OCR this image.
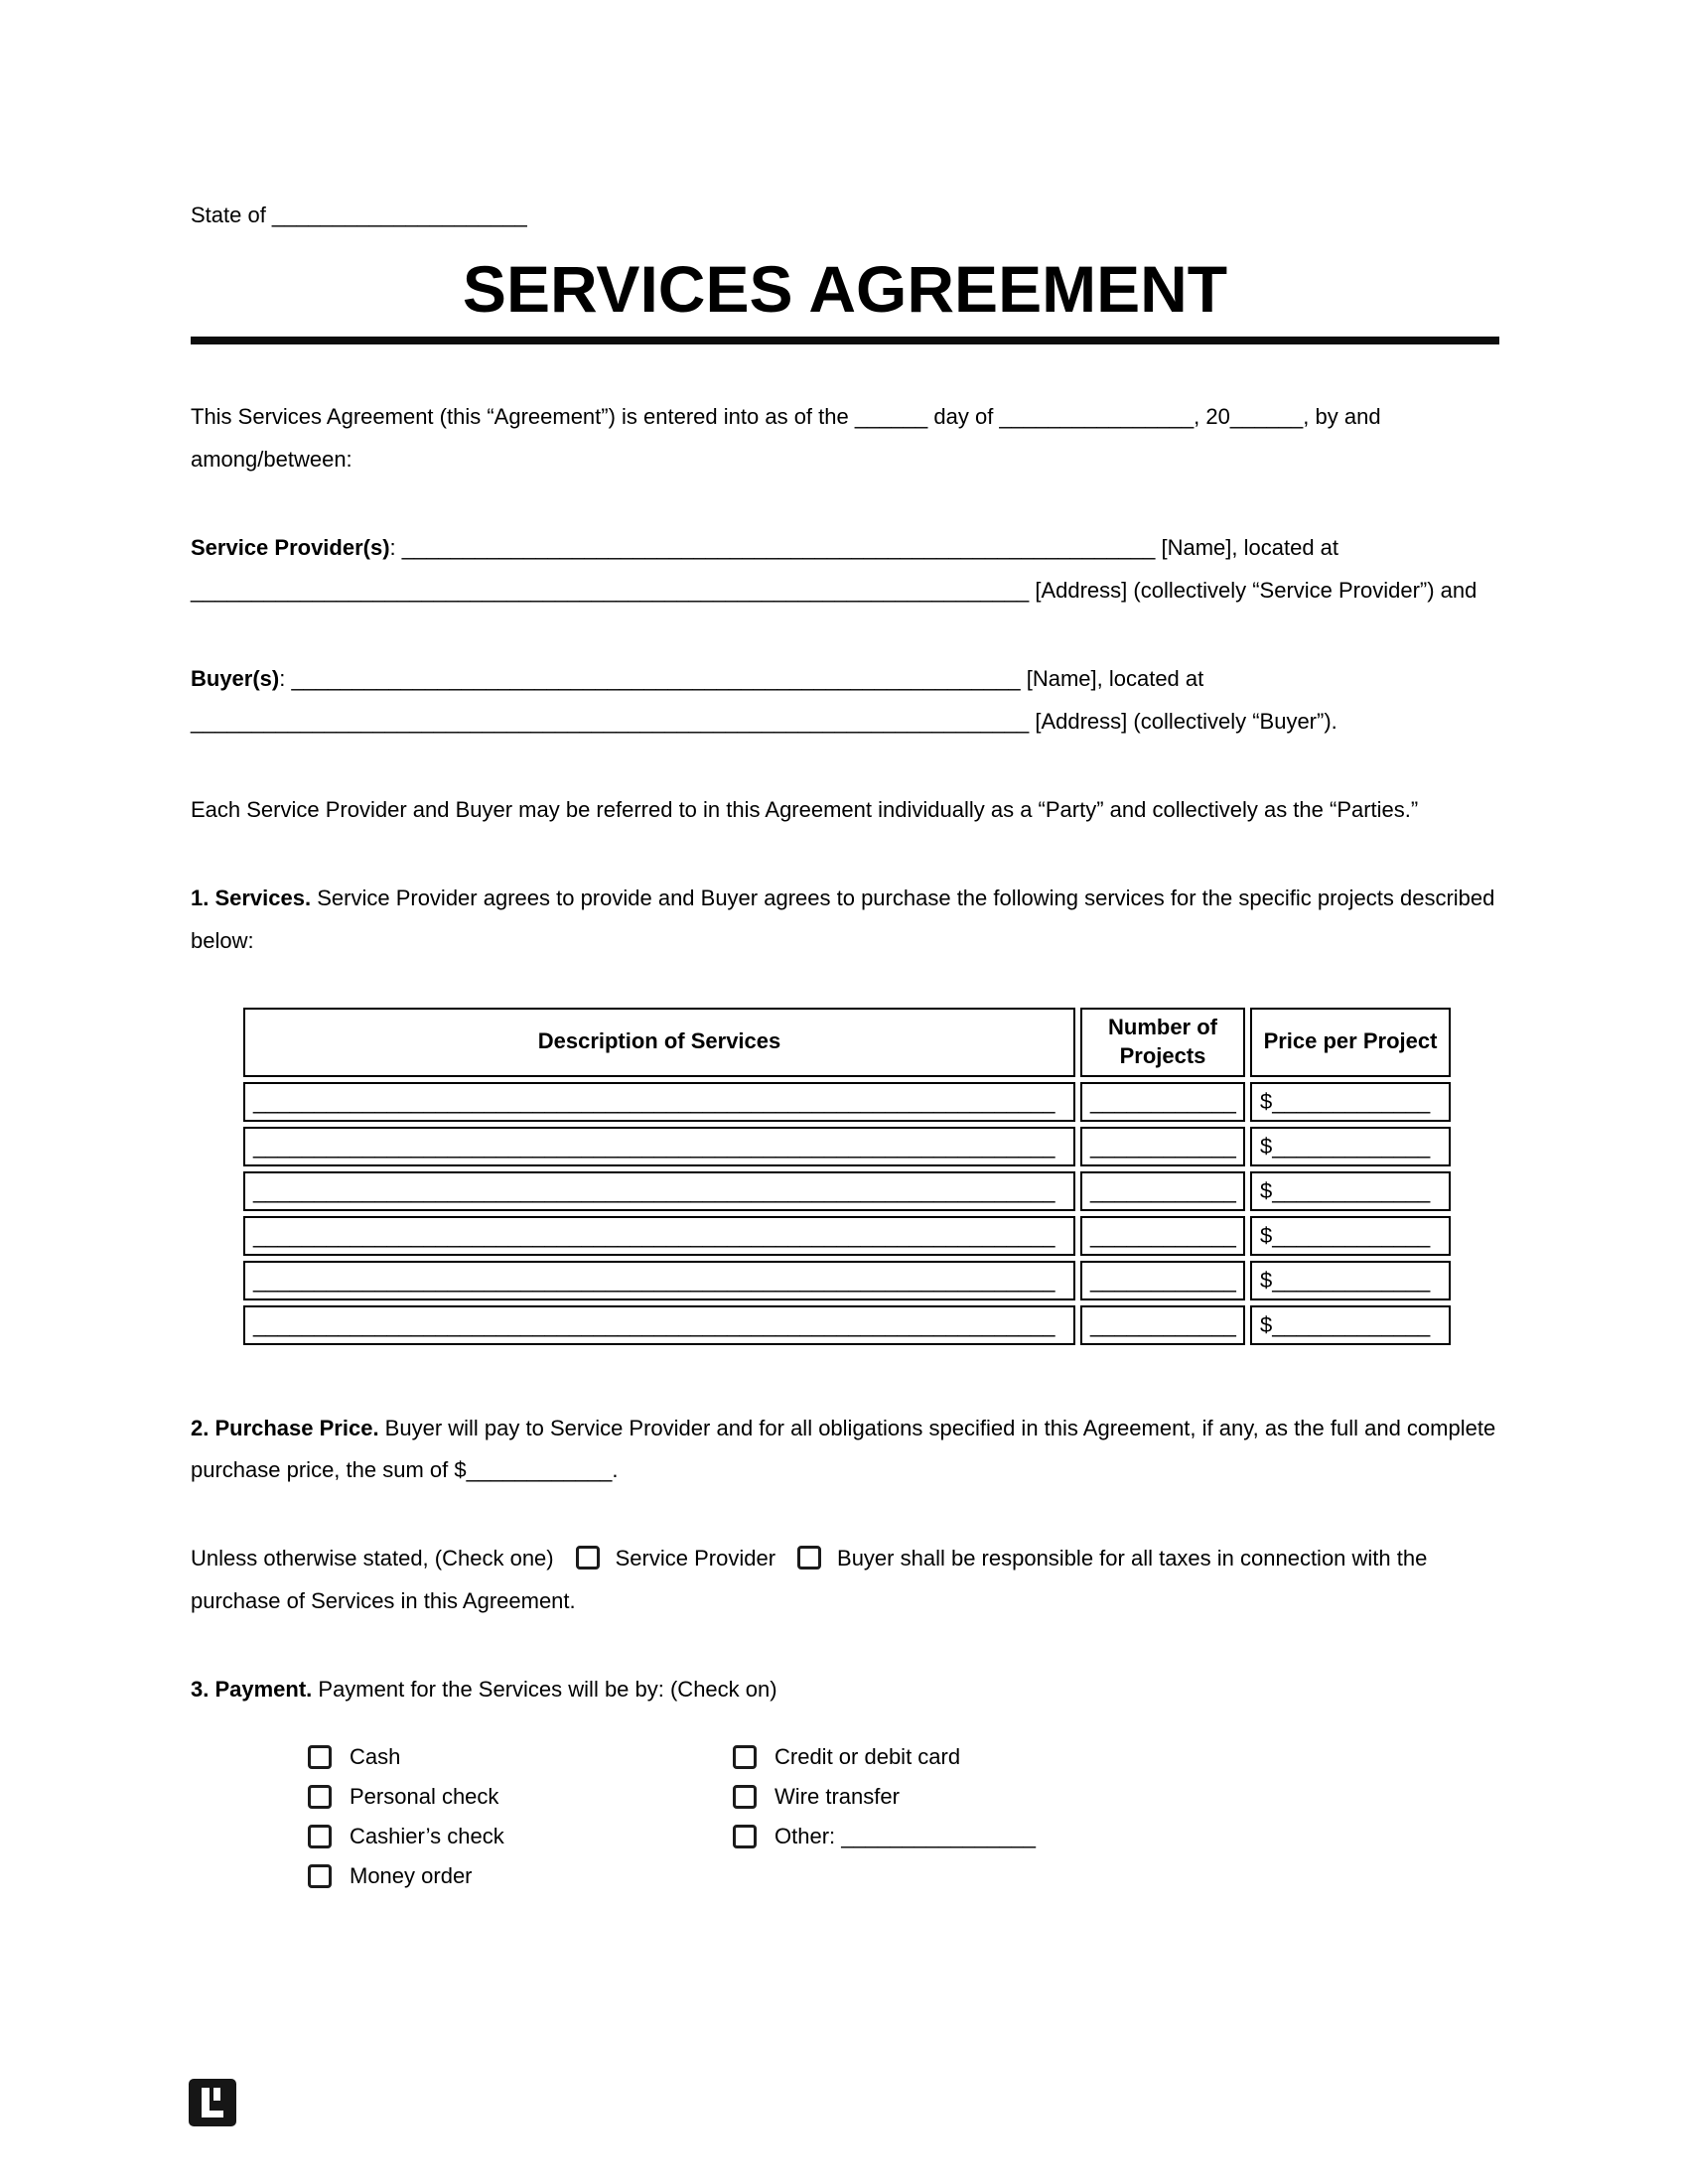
State of _____________________
SERVICES AGREEMENT

This Services Agreement (this “Agreement”) is entered into as of the ______ day of ________________, 20______, by and among/between:

Service Provider(s): ______________________________________________________________ [Name], located at _____________________________________________________________________ [Address] (collectively “Service Provider”) and

Buyer(s): ____________________________________________________________ [Name], located at _____________________________________________________________________ [Address] (collectively “Buyer”).

Each Service Provider and Buyer may be referred to in this Agreement individually as a “Party” and collectively as the “Parties.”

1. Services. Service Provider agrees to provide and Buyer agrees to purchase the following services for the specific projects described below:

Description of Services	Number of Projects	Price per Project
__________________________________________________________________	____________	$_____________
__________________________________________________________________	____________	$_____________
__________________________________________________________________	____________	$_____________
__________________________________________________________________	____________	$_____________
__________________________________________________________________	____________	$_____________
__________________________________________________________________	____________	$_____________

2. Purchase Price. Buyer will pay to Service Provider and for all obligations specified in this Agreement, if any, as the full and complete purchase price, the sum of $____________.

Unless otherwise stated, (Check one)	Service Provider	Buyer shall be responsible for all taxes in connection with the purchase of Services in this Agreement.

3. Payment. Payment for the Services will be by: (Check on)

Cash
Personal check
Cashier’s check
Money order
Credit or debit card
Wire transfer
Other: ________________
